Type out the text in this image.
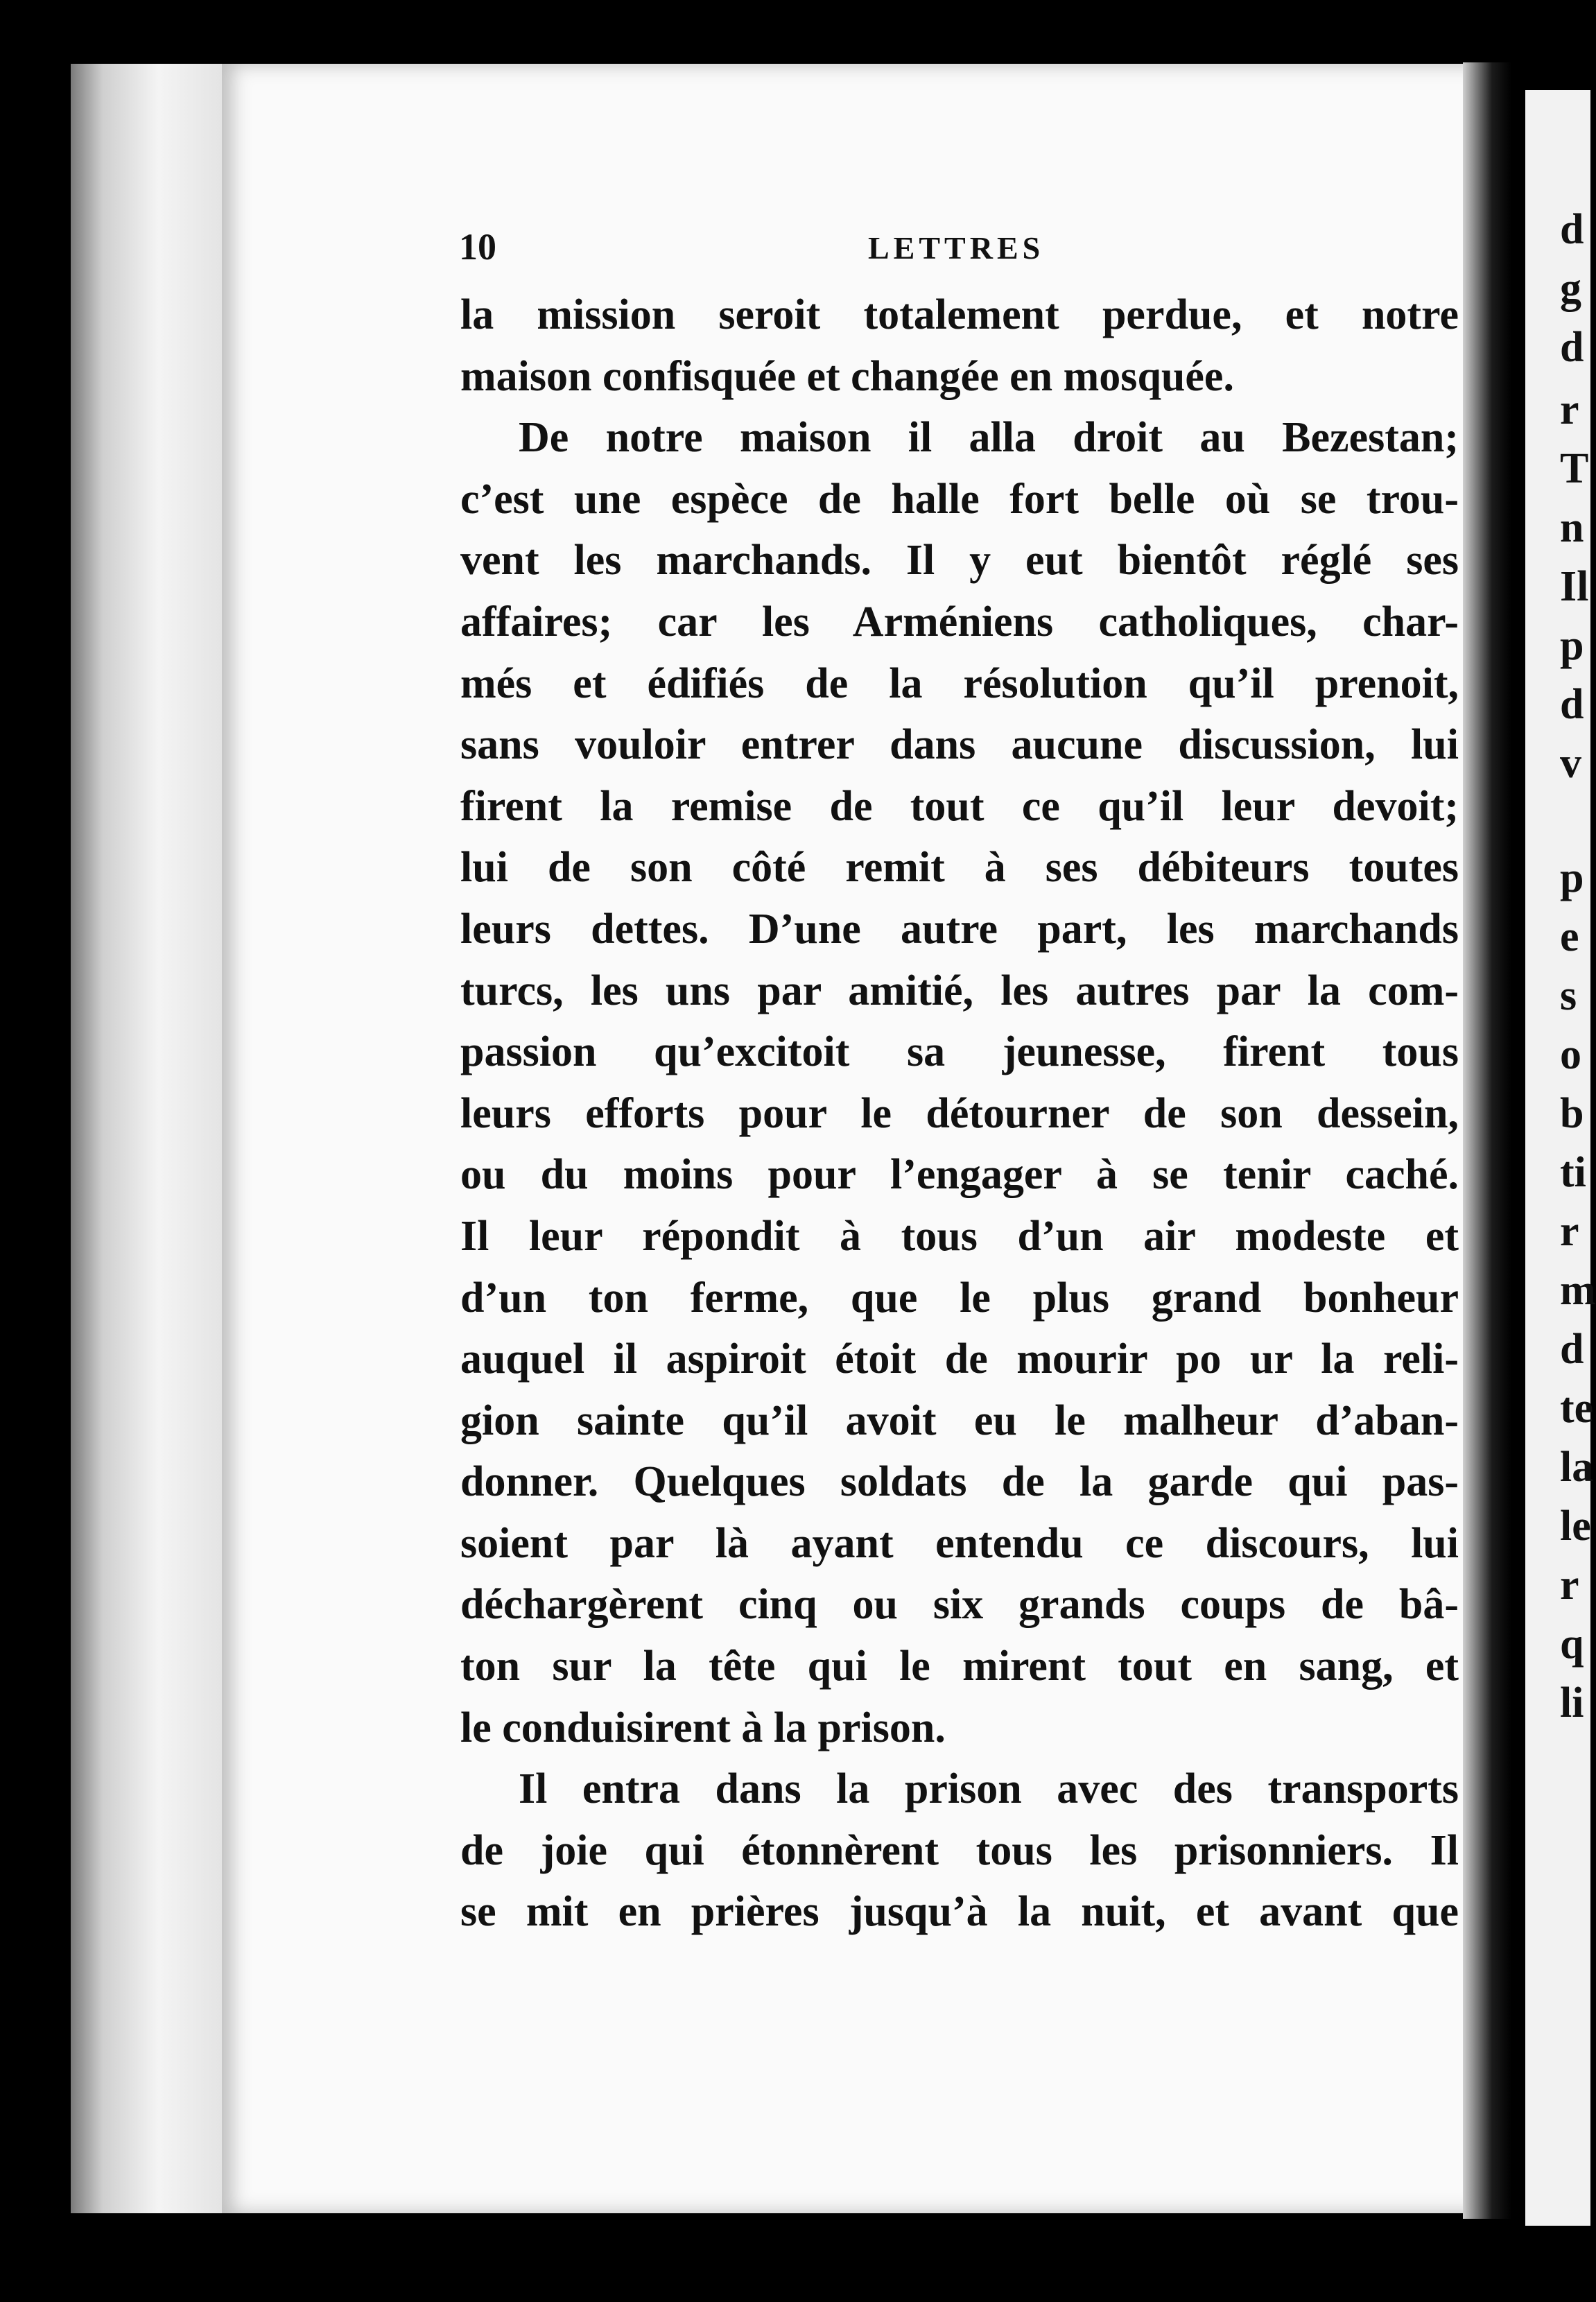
d
g
d
r
T
n
Il
p
d
v
p
e
s
o
b
ti
r
m
d
te
la
le
r
q
li
10	LETTRES

la mission seroit totalement perdue, et notre

maison confisquée et changée en mosquée.

De notre maison il alla droit au Bezestan;

c’est une espèce de halle fort belle où se trou-

vent les marchands. Il y eut bientôt réglé ses

affaires; car les Arméniens catholiques, char-

més et édifiés de la résolution qu’il prenoit,

sans vouloir entrer dans aucune discussion, lui

firent la remise de tout ce qu’il leur devoit;

lui de son côté remit à ses débiteurs toutes

leurs dettes. D’une autre part, les marchands

turcs, les uns par amitié, les autres par la com-

passion qu’excitoit sa jeunesse, firent tous

leurs efforts pour le détourner de son dessein,

ou du moins pour l’engager à se tenir caché.

Il leur répondit à tous d’un air modeste et

d’un ton ferme, que le plus grand bonheur

auquel il aspiroit étoit de mourir po ur la reli-

gion sainte qu’il avoit eu le malheur d’aban-

donner. Quelques soldats de la garde qui pas-

soient par là ayant entendu ce discours, lui

déchargèrent cinq ou six grands coups de bâ-

ton sur la tête qui le mirent tout en sang, et

le conduisirent à la prison.

Il entra dans la prison avec des transports

de joie qui étonnèrent tous les prisonniers. Il

se mit en prières jusqu’à la nuit, et avant que
